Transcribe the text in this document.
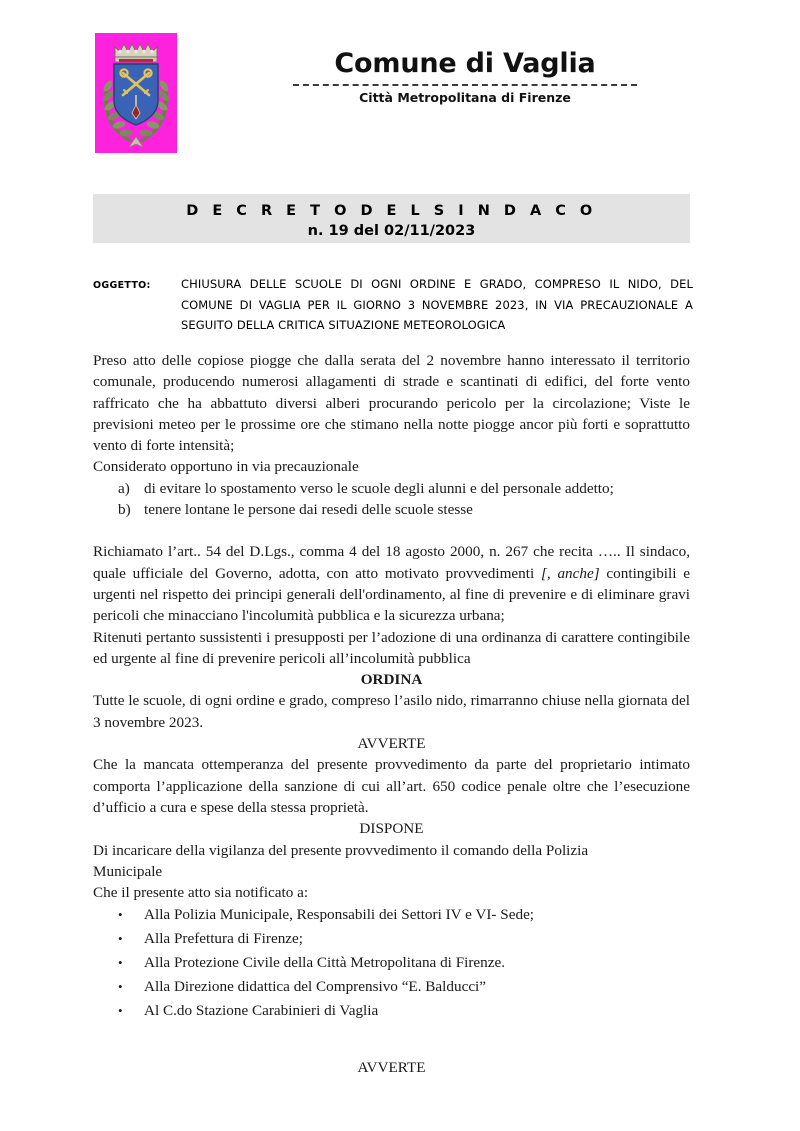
Comune di Vaglia
Città Metropolitana di Firenze
D E C R E T O D E L S I N D A C O
n. 19 del 02/11/2023
OGGETTO:	CHIUSURA DELLE SCUOLE DI OGNI ORDINE E GRADO, COMPRESO IL NIDO, DEL COMUNE DI VAGLIA PER IL GIORNO 3 NOVEMBRE 2023, IN VIA PRECAUZIONALE A SEGUITO DELLA CRITICA SITUAZIONE METEOROLOGICA

Preso atto delle copiose piogge che dalla serata del 2 novembre hanno interessato il territorio comunale, producendo numerosi allagamenti di strade e scantinati di edifici, del forte vento raffricato che ha abbattuto diversi alberi procurando pericolo per la circolazione; Viste le previsioni meteo per le prossime ore che stimano nella notte piogge ancor più forti e soprattutto vento di forte intensità;

Considerato opportuno in via precauzionale

a) di evitare lo spostamento verso le scuole degli alunni e del personale addetto;
b) tenere lontane le persone dai resedi delle scuole stesse

Richiamato l’art.. 54 del D.Lgs., comma 4 del 18 agosto 2000, n. 267 che recita ….. Il sindaco, quale ufficiale del Governo, adotta, con atto motivato provvedimenti [, anche] contingibili e urgenti nel rispetto dei principi generali dell'ordinamento, al fine di prevenire e di eliminare gravi pericoli che minacciano l'incolumità pubblica e la sicurezza urbana;

Ritenuti pertanto sussistenti i presupposti per l’adozione di una ordinanza di carattere contingibile ed urgente al fine di prevenire pericoli all’incolumità pubblica

ORDINA

Tutte le scuole, di ogni ordine e grado, compreso l’asilo nido, rimarranno chiuse nella giornata del 3 novembre 2023.

AVVERTE

Che la mancata ottemperanza del presente provvedimento da parte del proprietario intimato comporta l’applicazione della sanzione di cui all’art. 650 codice penale oltre che l’esecuzione d’ufficio a cura e spese della stessa proprietà.

DISPONE

Di incaricare della vigilanza del presente provvedimento il comando della Polizia

Municipale

Che il presente atto sia notificato a:

•	Alla Polizia Municipale, Responsabili dei Settori IV e VI- Sede;
•	Alla Prefettura di Firenze;
•	Alla Protezione Civile della Città Metropolitana di Firenze.
•	Alla Direzione didattica del Comprensivo “E. Balducci”
•	Al C.do Stazione Carabinieri di Vaglia

AVVERTE
